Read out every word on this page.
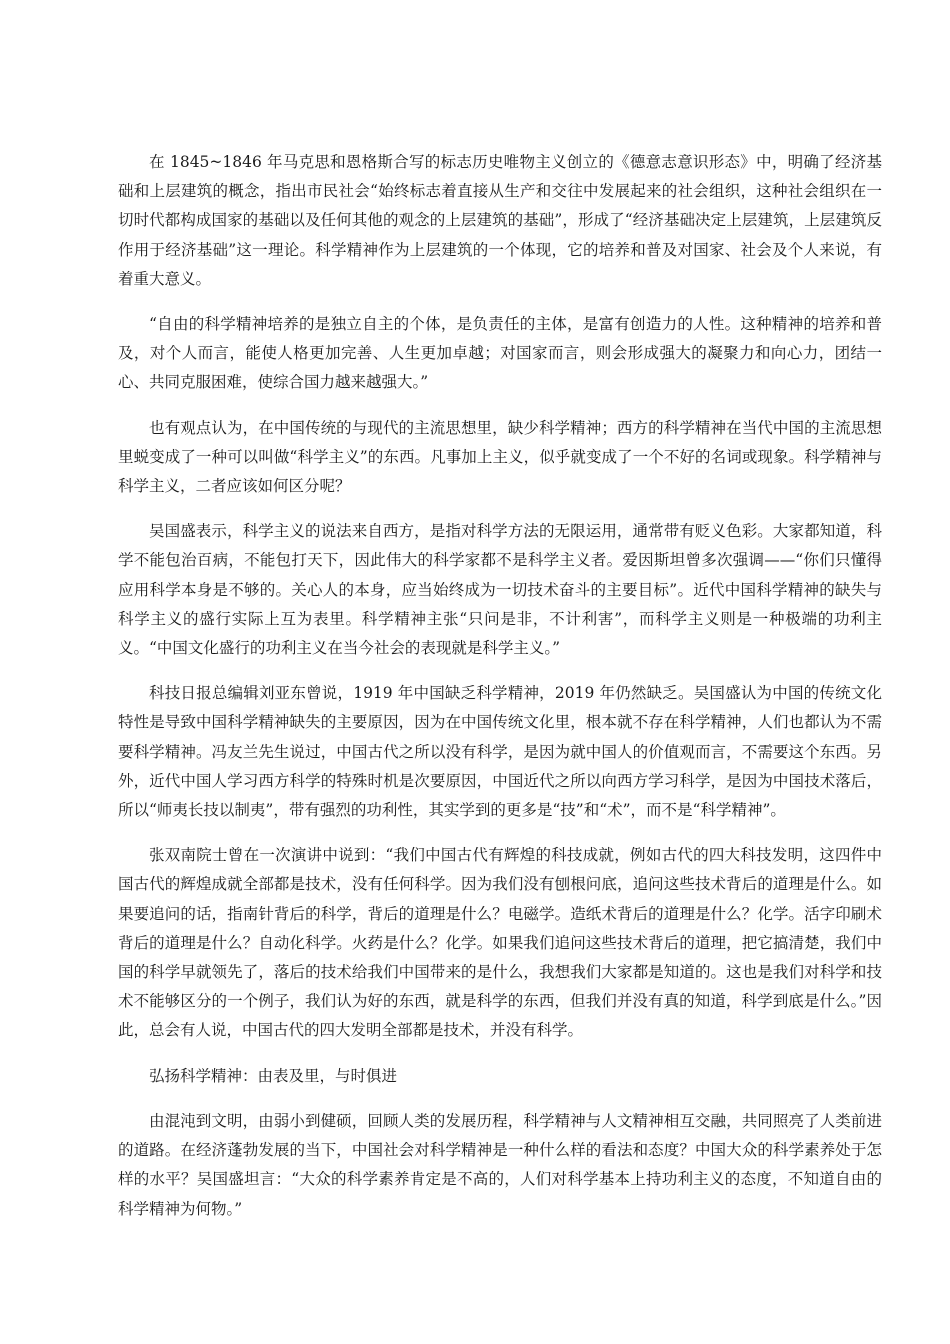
在 1845~1846 年马克思和恩格斯合写的标志历史唯物主义创立的《德意志意识形态》中，明确了经济基础和上层建筑的概念，指出市民社会“始终标志着直接从生产和交往中发展起来的社会组织，这种社会组织在一切时代都构成国家的基础以及任何其他的观念的上层建筑的基础”，形成了“经济基础决定上层建筑，上层建筑反作用于经济基础”这一理论。科学精神作为上层建筑的一个体现，它的培养和普及对国家、社会及个人来说，有着重大意义。

“自由的科学精神培养的是独立自主的个体，是负责任的主体，是富有创造力的人性。这种精神的培养和普及，对个人而言，能使人格更加完善、人生更加卓越；对国家而言，则会形成强大的凝聚力和向心力，团结一心、共同克服困难，使综合国力越来越强大。”

也有观点认为，在中国传统的与现代的主流思想里，缺少科学精神；西方的科学精神在当代中国的主流思想里蜕变成了一种可以叫做“科学主义”的东西。凡事加上主义，似乎就变成了一个不好的名词或现象。科学精神与科学主义，二者应该如何区分呢？

吴国盛表示，科学主义的说法来自西方，是指对科学方法的无限运用，通常带有贬义色彩。大家都知道，科学不能包治百病，不能包打天下，因此伟大的科学家都不是科学主义者。爱因斯坦曾多次强调——“你们只懂得应用科学本身是不够的。关心人的本身，应当始终成为一切技术奋斗的主要目标”。近代中国科学精神的缺失与科学主义的盛行实际上互为表里。科学精神主张“只问是非，不计利害”，而科学主义则是一种极端的功利主义。“中国文化盛行的功利主义在当今社会的表现就是科学主义。”

科技日报总编辑刘亚东曾说，1919 年中国缺乏科学精神，2019 年仍然缺乏。吴国盛认为中国的传统文化特性是导致中国科学精神缺失的主要原因，因为在中国传统文化里，根本就不存在科学精神，人们也都认为不需要科学精神。冯友兰先生说过，中国古代之所以没有科学，是因为就中国人的价值观而言，不需要这个东西。另外，近代中国人学习西方科学的特殊时机是次要原因，中国近代之所以向西方学习科学，是因为中国技术落后，所以“师夷长技以制夷”，带有强烈的功利性，其实学到的更多是“技”和“术”，而不是“科学精神”。

张双南院士曾在一次演讲中说到：“我们中国古代有辉煌的科技成就，例如古代的四大科技发明，这四件中国古代的辉煌成就全部都是技术，没有任何科学。因为我们没有刨根问底，追问这些技术背后的道理是什么。如果要追问的话，指南针背后的科学，背后的道理是什么？电磁学。造纸术背后的道理是什么？化学。活字印刷术背后的道理是什么？自动化科学。火药是什么？化学。如果我们追问这些技术背后的道理，把它搞清楚，我们中国的科学早就领先了，落后的技术给我们中国带来的是什么，我想我们大家都是知道的。这也是我们对科学和技术不能够区分的一个例子，我们认为好的东西，就是科学的东西，但我们并没有真的知道，科学到底是什么。”因此，总会有人说，中国古代的四大发明全部都是技术，并没有科学。

弘扬科学精神：由表及里，与时俱进

由混沌到文明，由弱小到健硕，回顾人类的发展历程，科学精神与人文精神相互交融，共同照亮了人类前进的道路。在经济蓬勃发展的当下，中国社会对科学精神是一种什么样的看法和态度？中国大众的科学素养处于怎样的水平？吴国盛坦言：“大众的科学素养肯定是不高的，人们对科学基本上持功利主义的态度，不知道自由的科学精神为何物。”
